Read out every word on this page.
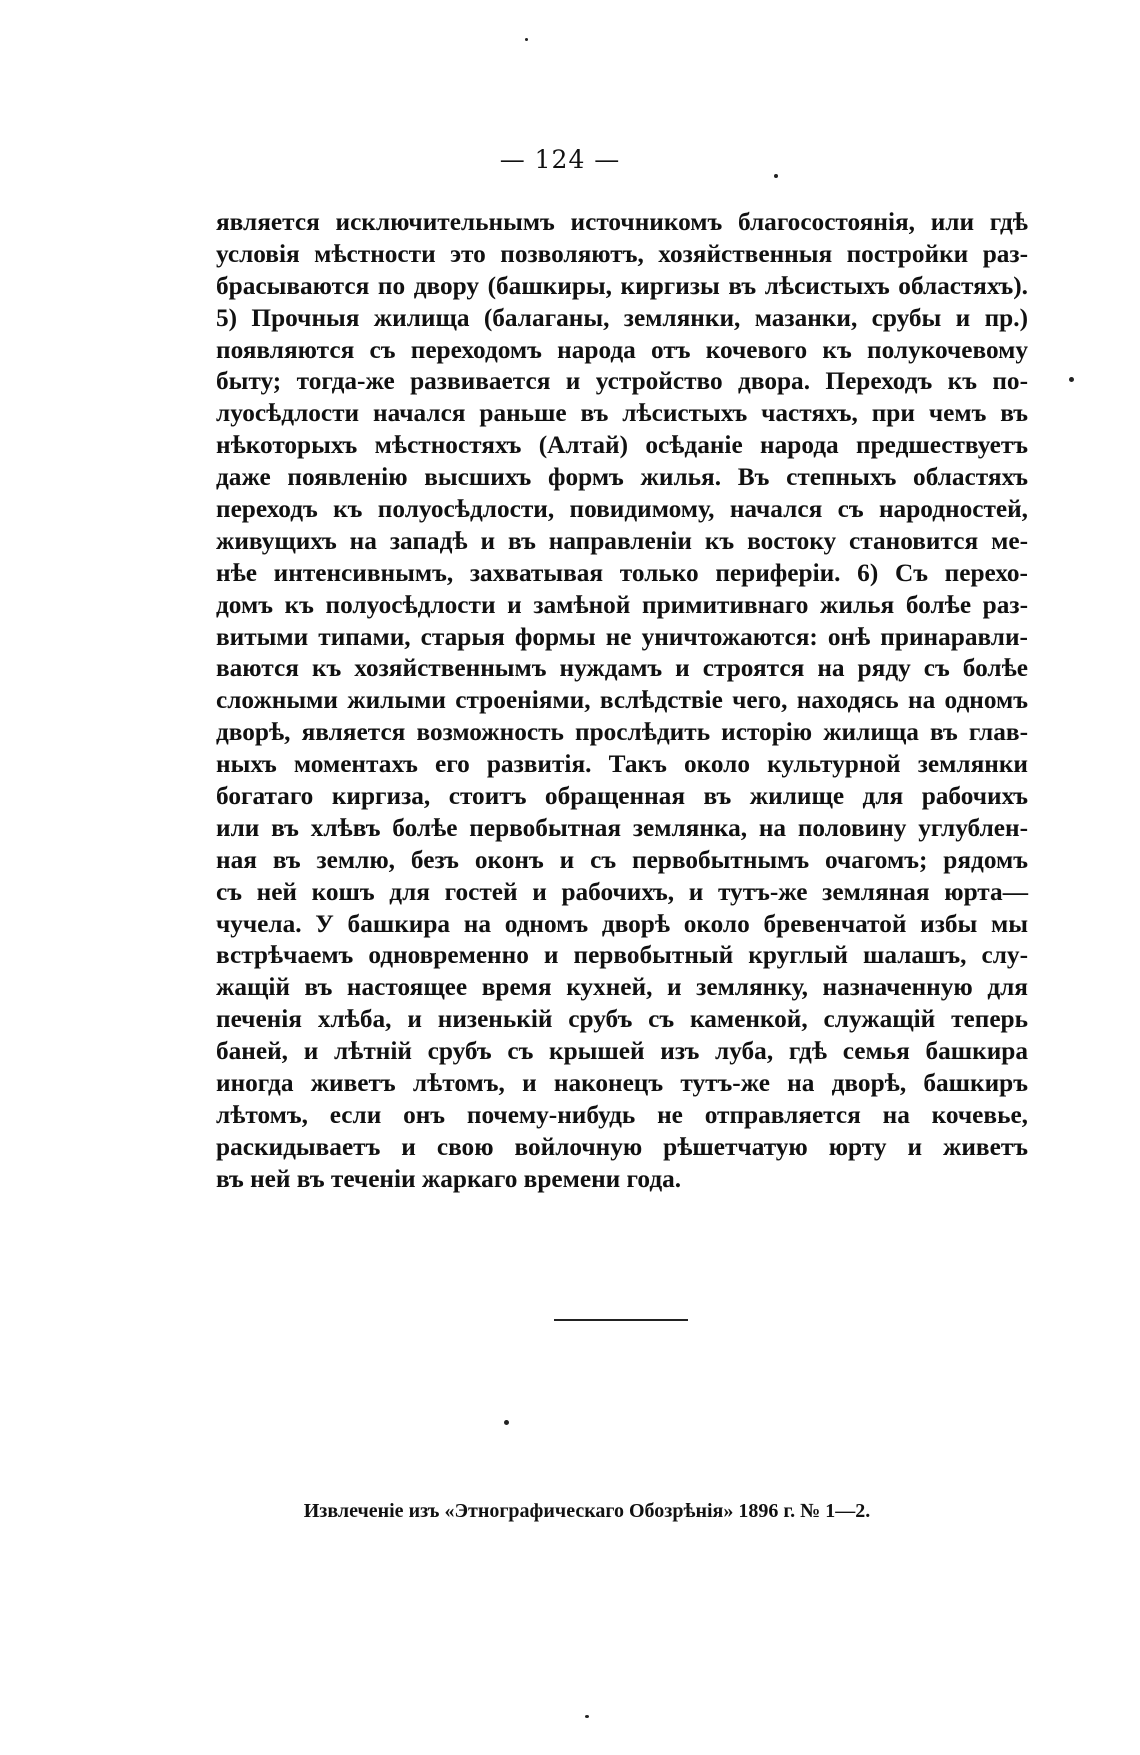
— 124 —
является исключительнымъ источникомъ благосостоянія, или гдѣ
условія мѣстности это позволяютъ, хозяйственныя постройки раз-
брасываются по двору (башкиры, киргизы въ лѣсистыхъ областяхъ).
5) Прочныя жилища (балаганы, землянки, мазанки, срубы и пр.)
появляются съ переходомъ народа отъ кочевого къ полукочевому
быту; тогда-же развивается и устройство двора. Переходъ къ по-
луосѣдлости начался раньше въ лѣсистыхъ частяхъ, при чемъ въ
нѣкоторыхъ мѣстностяхъ (Алтай) осѣданіе народа предшествуетъ
даже появленію высшихъ формъ жилья. Въ степныхъ областяхъ
переходъ къ полуосѣдлости, повидимому, начался съ народностей,
живущихъ на западѣ и въ направленіи къ востоку становится ме-
нѣе интенсивнымъ, захватывая только периферіи. 6) Съ перехо-
домъ къ полуосѣдлости и замѣной примитивнаго жилья болѣе раз-
витыми типами, старыя формы не уничтожаются: онѣ принаравли-
ваются къ хозяйственнымъ нуждамъ и строятся на ряду съ болѣе
сложными жилыми строеніями, вслѣдствіе чего, находясь на одномъ
дворѣ, является возможность прослѣдить исторію жилища въ глав-
ныхъ моментахъ его развитія. Такъ около культурной землянки
богатаго киргиза, стоитъ обращенная въ жилище для рабочихъ
или въ хлѣвъ болѣе первобытная землянка, на половину углублен-
ная въ землю, безъ оконъ и съ первобытнымъ очагомъ; рядомъ
съ ней кошъ для гостей и рабочихъ, и тутъ-же земляная юрта—
чучела. У башкира на одномъ дворѣ около бревенчатой избы мы
встрѣчаемъ одновременно и первобытный круглый шалашъ, слу-
жащій въ настоящее время кухней, и землянку, назначенную для
печенія хлѣба, и низенькій срубъ съ каменкой, служащій теперь
баней, и лѣтній срубъ съ крышей изъ луба, гдѣ семья башкира
иногда живетъ лѣтомъ, и наконецъ тутъ-же на дворѣ, башкиръ
лѣтомъ, если онъ почему-нибудь не отправляется на кочевье,
раскидываетъ и свою войлочную рѣшетчатую юрту и живетъ
въ ней въ теченіи жаркаго времени года.
Извлеченіе изъ «Этнографическаго Обозрѣнія» 1896 г. № 1—2.
